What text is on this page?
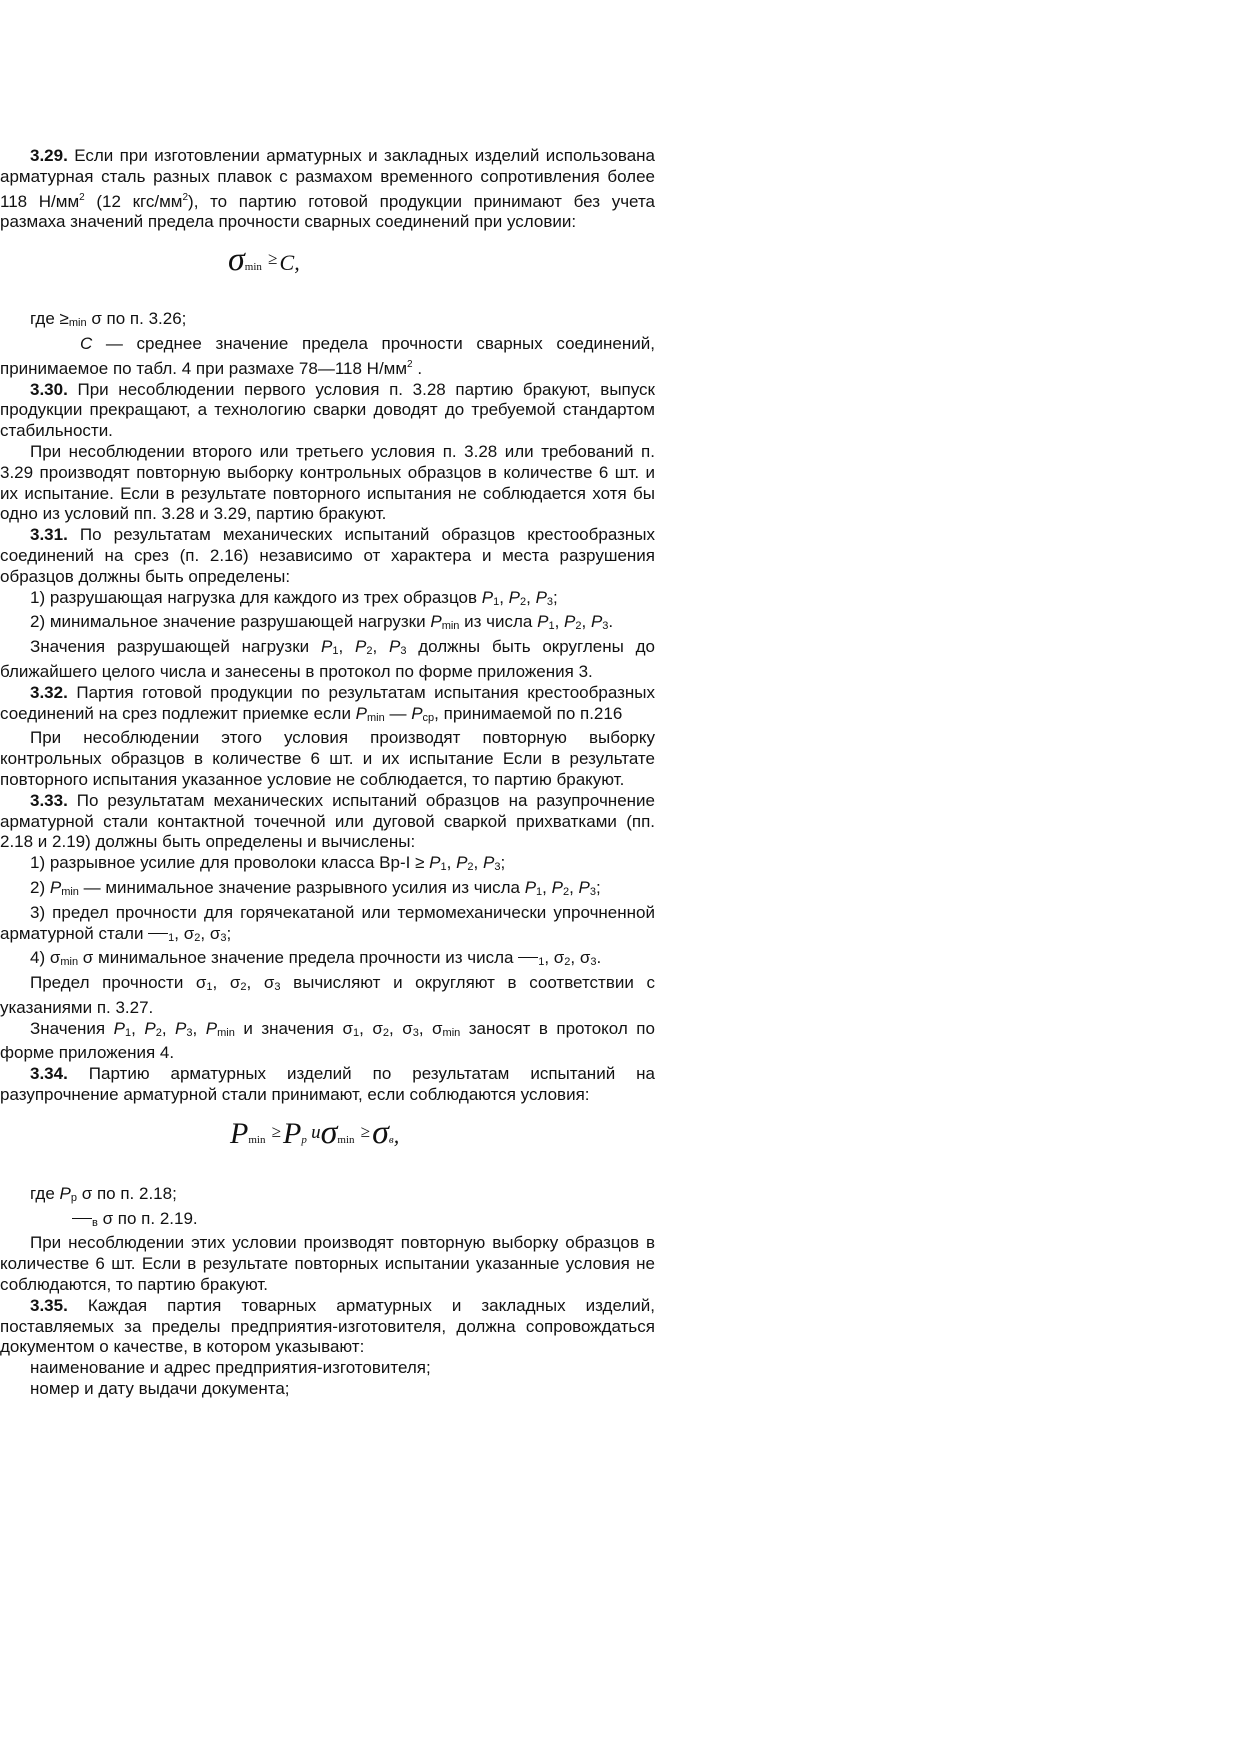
3.29. Если при изготовлении арматурных и закладных изделий использована арматурная сталь разных плавок с размахом временного сопротивления более 118 $Н/мм^2$ (12 кгс/$мм^2$), то партию готовой продукции принимают без учета размаха значений предела прочности сварных соединений при условии:

σmin ≥C,

где ≥min σ по п. 3.26;

C — среднее значение предела прочности сварных соединений, принимаемое по табл. 4 при размахе 78—118 $Н/мм^2$ .

3.30. При несоблюдении первого условия п. 3.28 партию бракуют, выпуск продукции прекращают, а технологию сварки доводят до требуемой стандартом стабильности.

При несоблюдении второго или третьего условия п. 3.28 или требований п. 3.29 производят повторную выборку контрольных образцов в количестве 6 шт. и их испытание. Если в результате повторного испытания не соблюдается хотя бы одно из условий пп. 3.28 и 3.29, партию бракуют.

3.31. По результатам механических испытаний образцов крестообразных соединений на срез (п. 2.16) независимо от характера и места разрушения образцов должны быть определены:

1) разрушающая нагрузка для каждого из трех образцов P1, P2, P3;

2) минимальное значение разрушающей нагрузки Pmin из числа P1, P2, P3.

Значения разрушающей нагрузки P1, P2, P3 должны быть округлены до ближайшего целого числа и занесены в протокол по форме приложения 3.

3.32. Партия готовой продукции по результатам испытания крестообразных соединений на срез подлежит приемке если Pmin — Pср, принимаемой по п.216

При несоблюдении этого условия производят повторную выборку контрольных образцов в количестве 6 шт. и их испытание Если в результате повторного испытания указанное условие не соблюдается, то партию бракуют.

3.33. По результатам механических испытаний образцов на разупрочнение арматурной стали контактной точечной или дуговой сваркой прихватками (пп. 2.18 и 2.19) должны быть определены и вычислены:

1) разрывное усилие для проволоки класса Вр-I ≥ P1, P2, P3;

2) Pmin — минимальное значение разрывного усилия из числа P1, P2, P3;

3) предел прочности для горячекатаной или термомеханически упрочненной арматурной стали 1, σ2, σ3;

4) σmin σ минимальное значение предела прочности из числа 1, σ2, σ3.

Предел прочности σ1, σ2, σ3 вычисляют и округляют в соответствии с указаниями п. 3.27.

Значения P1, P2, P3, Pmin и значения σ1, σ2, σ3, σmin заносят в протокол по форме приложения 4.

3.34. Партию арматурных изделий по результатам испытаний на разупрочнение арматурной стали принимают, если соблюдаются условия:

Pmin ≥Pp uσmin ≥σв,

где Pp σ по п. 2.18;

в σ по п. 2.19.

При несоблюдении этих условии производят повторную выборку образцов в количестве 6 шт. Если в результате повторных испытании указанные условия не соблюдаются, то партию бракуют.

3.35. Каждая партия товарных арматурных и закладных изделий, поставляемых за пределы предприятия-изготовителя, должна сопровождаться документом о качестве, в котором указывают:

наименование и адрес предприятия-изготовителя;

номер и дату выдачи документа;
